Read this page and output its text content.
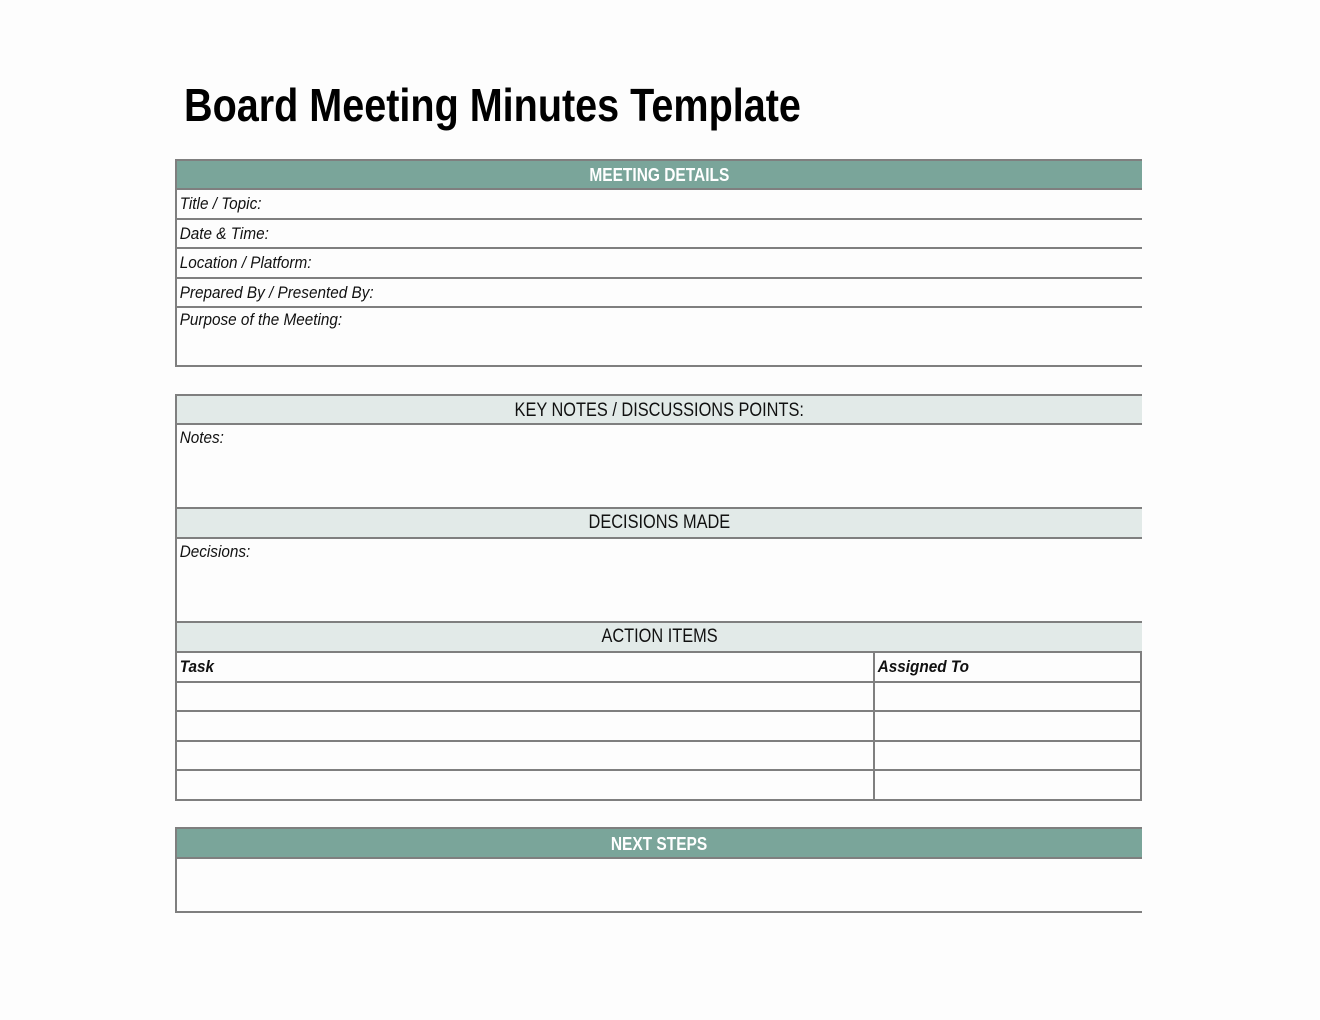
Board Meeting Minutes Template
MEETING DETAILS
Title / Topic:
Date & Time:
Location / Platform:
Prepared By / Presented By:
Purpose of the Meeting:
KEY NOTES / DISCUSSIONS POINTS:
Notes:
DECISIONS MADE
Decisions:
ACTION ITEMS
Task	Assigned To
NEXT STEPS
